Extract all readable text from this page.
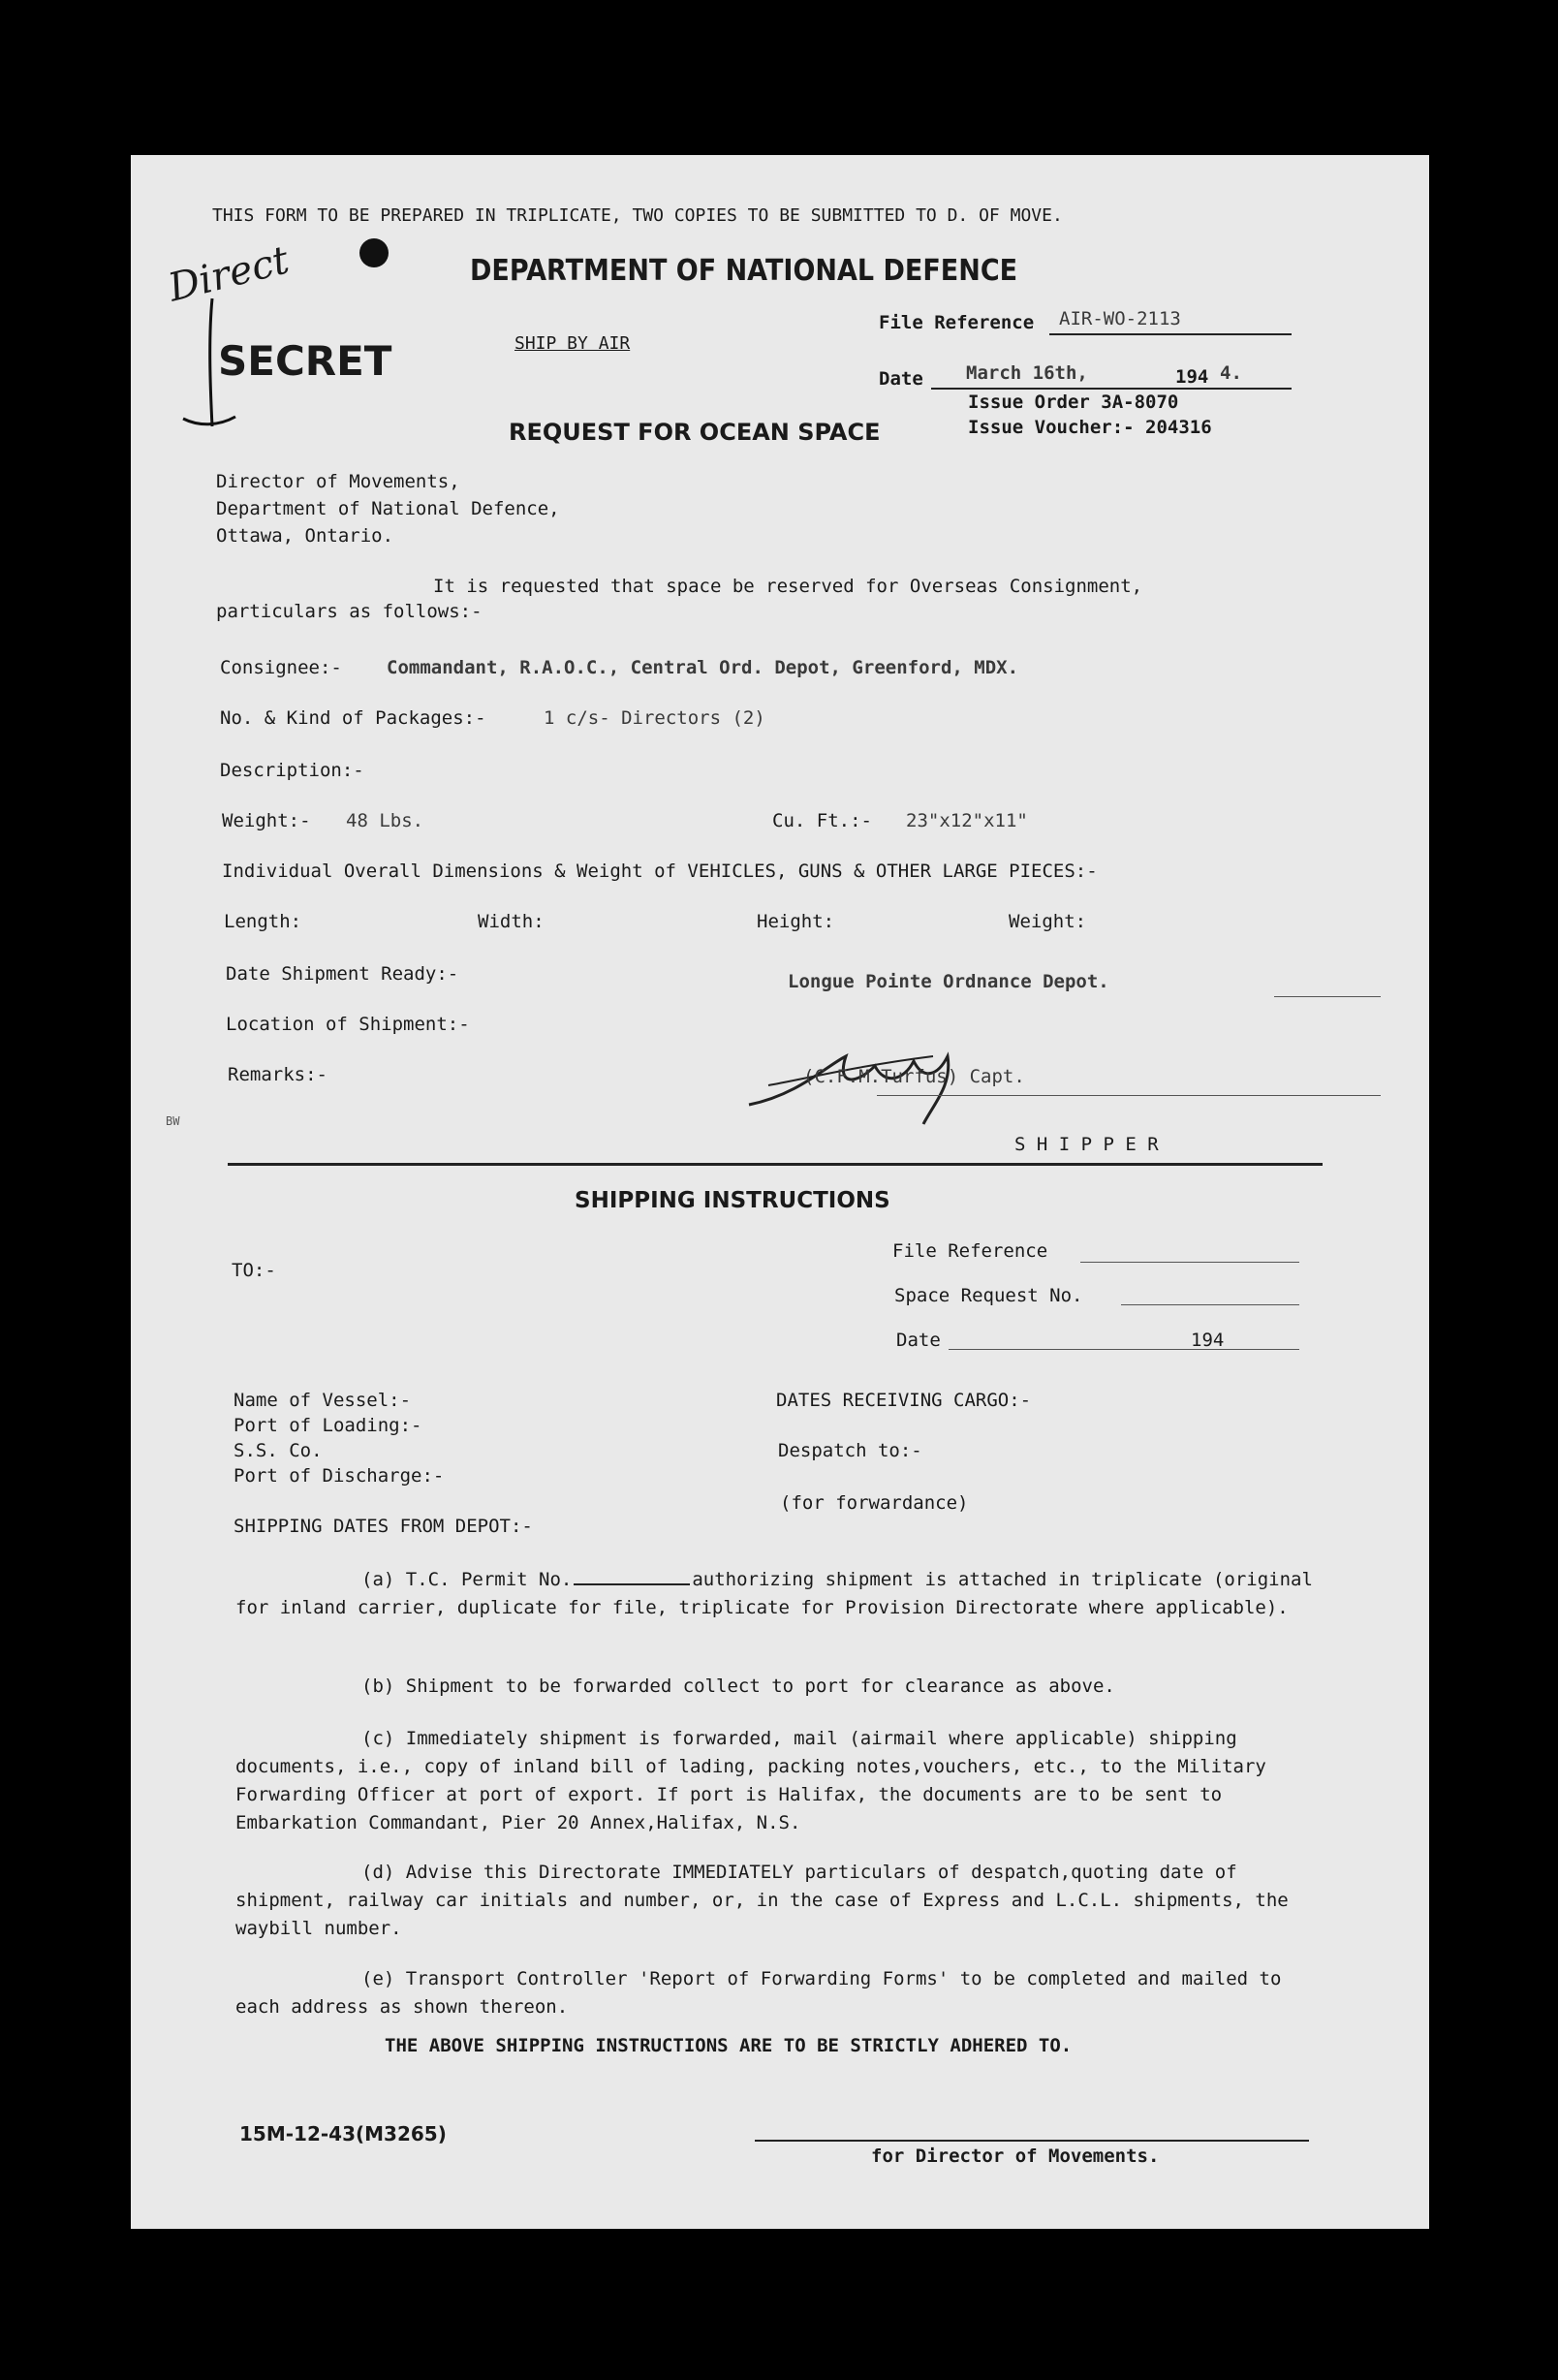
THIS FORM TO BE PREPARED IN TRIPLICATE, TWO COPIES TO BE SUBMITTED TO D. OF MOVE.
Direct	DEPARTMENT OF NATIONAL DEFENCE
SECRET	SHIP BY AIR
File Reference AIR-WO-2113
Date March 16th,	194 4.
Issue Order 3A-8070
Issue Voucher:- 204316
REQUEST FOR OCEAN SPACE
Director of Movements,
Department of National Defence,
Ottawa, Ontario.
It is requested that space be reserved for Overseas Consignment,
particulars as follows:-
Consignee:- Commandant, R.A.O.C., Central Ord. Depot, Greenford, MDX.
No. & Kind of Packages:-	1 c/s- Directors (2)
Description:-
Weight:- 48 Lbs.	Cu. Ft.:- 23"x12"x11"
Individual Overall Dimensions & Weight of VEHICLES, GUNS & OTHER LARGE PIECES:-
Length:	Width:	Height:	Weight:
Date Shipment Ready:-	Longue Pointe Ordnance Depot.
Location of Shipment:-
Remarks:-	(C.F.M.Turfus) Capt.
BW
S H I P P E R
SHIPPING INSTRUCTIONS
TO:-
File Reference
Space Request No.
Date	194
Name of Vessel:-
Port of Loading:-
S.S. Co.
Port of Discharge:-
DATES RECEIVING CARGO:-
Despatch to:-
(for forwardance)
SHIPPING DATES FROM DEPOT:-
(a) T.C. Permit No.	authorizing shipment is attached in triplicate (original for inland carrier, duplicate for file, triplicate for Provision Directorate where applicable).
(b) Shipment to be forwarded collect to port for clearance as above.
(c) Immediately shipment is forwarded, mail (airmail where applicable) shipping documents, i.e., copy of inland bill of lading, packing notes,vouchers, etc., to the Military Forwarding Officer at port of export. If port is Halifax, the documents are to be sent to Embarkation Commandant, Pier 20 Annex,Halifax, N.S.
(d) Advise this Directorate IMMEDIATELY particulars of despatch,quoting date of shipment, railway car initials and number, or, in the case of Express and L.C.L. shipments, the waybill number.
(e) Transport Controller 'Report of Forwarding Forms' to be completed and mailed to each address as shown thereon.
THE ABOVE SHIPPING INSTRUCTIONS ARE TO BE STRICTLY ADHERED TO.
15M-12-43(M3265)
for Director of Movements.
